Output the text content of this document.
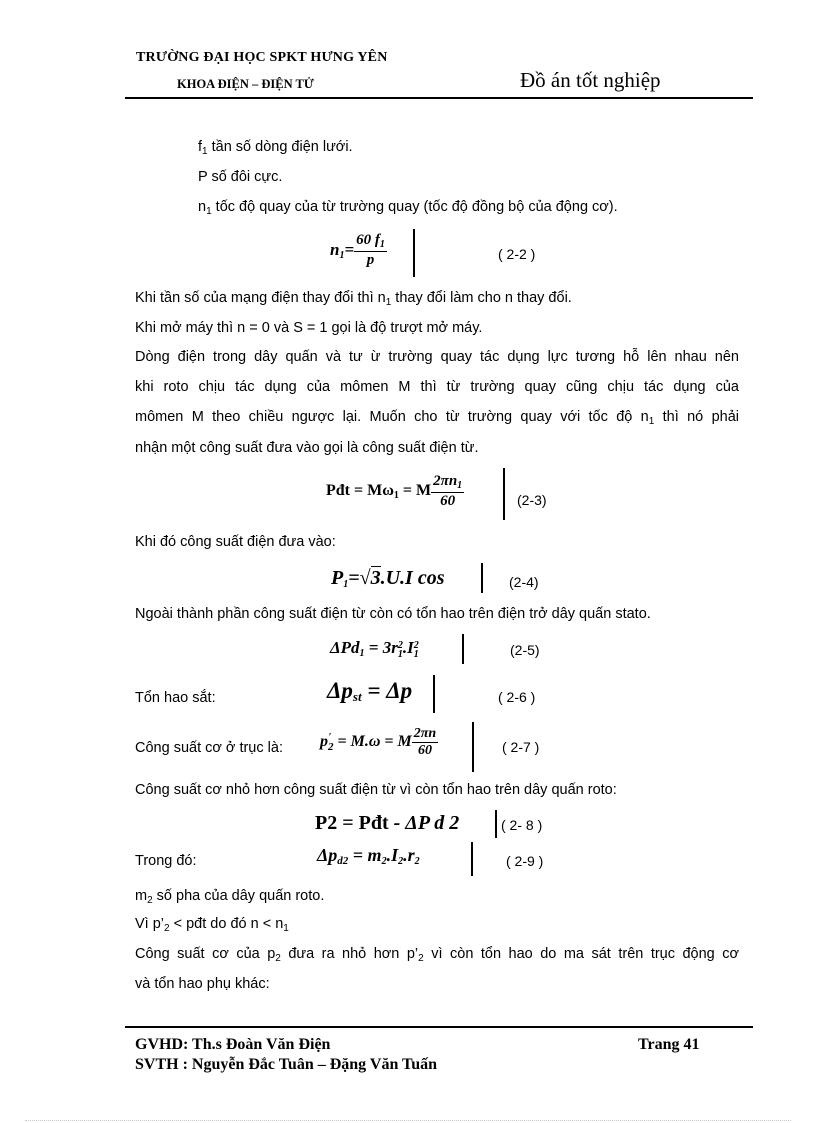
TRƯỜNG ĐẠI HỌC SPKT HƯNG YÊN
KHOA ĐIỆN – ĐIỆN TỬ	Đồ án tốt nghiệp
$f_1$ tần số dòng điện lưới.
P số đôi cực.
$n_1$ tốc độ quay của từ trường quay (tốc độ đồng bộ của động cơ).
$n_1= \frac{60 f_1}{p}$	( 2-2 )
Khi tần số của mạng điện thay đổi thì $n_1$ thay đổi làm cho n thay đổi.
Khi mở máy thì n = 0 và S = 1 gọi là độ trượt mở máy.
Dòng điện trong dây quấn và tư ừ trường quay tác dụng lực tương hỗ lên nhau nên
khi roto chịu tác dụng của mômen M thì từ trường quay cũng chịu tác dụng của
mômen M theo chiều ngược lại. Muốn cho từ trường quay với tốc độ $n_1$ thì nó phải
nhận một công suất đưa vào gọi là công suất điện từ.
Pđt = $M\omega_1 = M \frac{2\pi n_1}{60}$	(2-3)
Khi đó công suất điện đưa vào:
$P_1=√3.U.I$ cos	(2-4)
Ngoài thành phần công suất điện từ còn có tổn hao trên điện trở dây quấn stato.
ΔPd$_1$ = 3r 2
1 .I 2
1	(2-5)
Tổn hao sắt:	$\Delta p_{st} = \Delta p$	( 2-6 )
Công suất cơ ở trục là: p '
2 = M.ω = M $\frac{2\pi n}{60}$	( 2-7 )
Công suất cơ nhỏ hơn công suất điện từ vì còn tổn hao trên dây quấn roto:
P2 = Pđt - ΔP d 2	( 2- 8 )
Trong đó:	$\Delta p_{d2} = m_2.I_2.r_2$	( 2-9 )
$m_2$ số pha của dây quấn roto.
Vì $p’_2$ < pđt do đó $n < n_1$
Công suất cơ của $p_2$ đưa ra nhỏ hơn $p’_2$ vì còn tổn hao do ma sát trên trục động cơ
và tổn hao phụ khác:
GVHD: Th.s Đoàn Văn Điện	Trang 41
SVTH : Nguyễn Đắc Tuân – Đặng Văn Tuấn
